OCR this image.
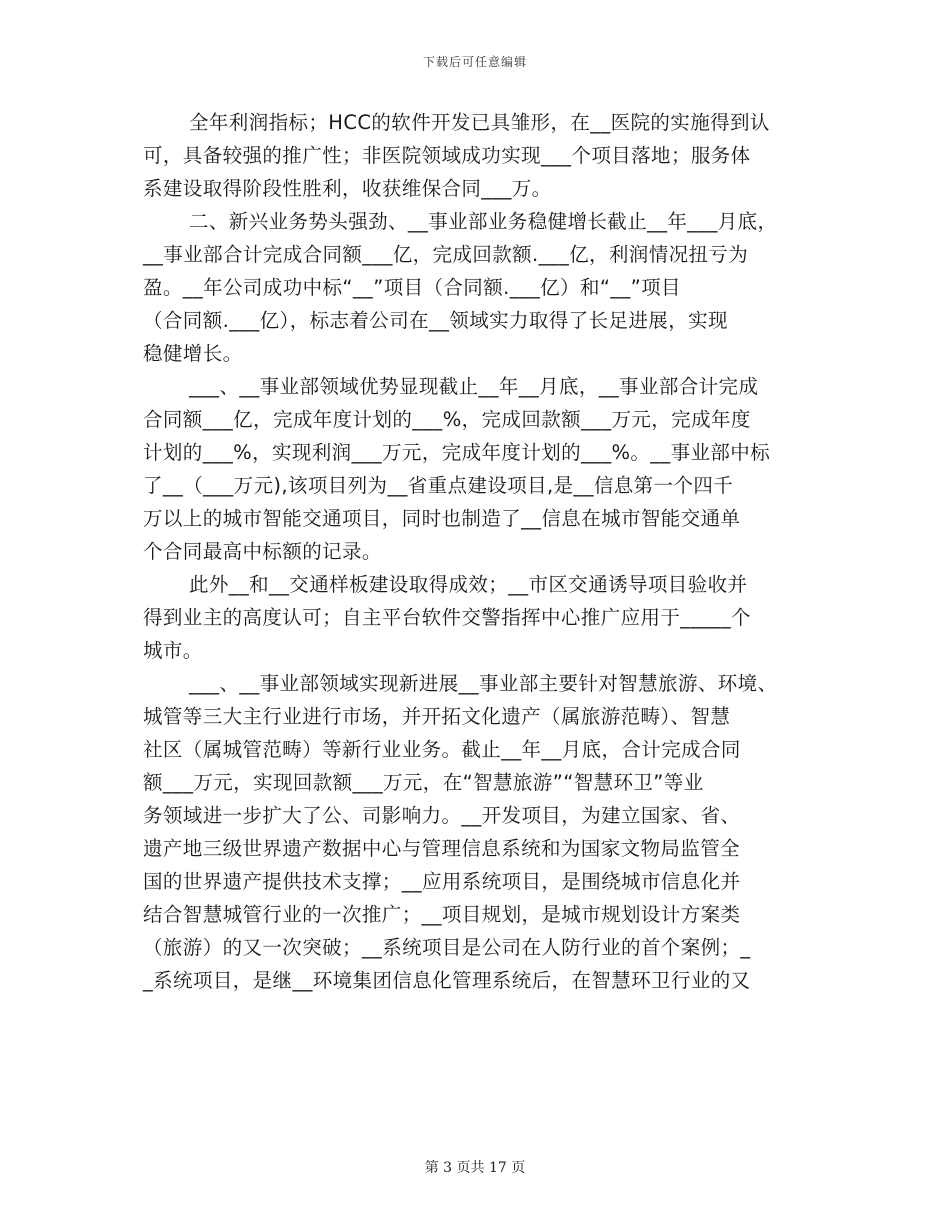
下载后可任意编辑
全年利润指标；HCC的软件开发已具雏形，在__医院的实施得到认
可，具备较强的推广性；非医院领域成功实现___个项目落地；服务体
系建设取得阶段性胜利，收获维保合同___万。
二、新兴业务势头强劲、__事业部业务稳健增长截止__年___月底，
__事业部合计完成合同额___亿，完成回款额.___亿，利润情况扭亏为
盈。__年公司成功中标“__”项目（合同额.___亿）和“__”项目
（合同额.___亿），标志着公司在__领域实力取得了长足进展，实现
稳健增长。
___、__事业部领域优势显现截止__年__月底，__事业部合计完成
合同额___亿，完成年度计划的___%，完成回款额___万元，完成年度
计划的___%，实现利润___万元，完成年度计划的___%。__事业部中标
了__（___万元),该项目列为__省重点建设项目,是__信息第一个四千
万以上的城市智能交通项目，同时也制造了__信息在城市智能交通单
个合同最高中标额的记录。
此外__和__交通样板建设取得成效；__市区交通诱导项目验收并
得到业主的高度认可；自主平台软件交警指挥中心推广应用于_____个
城市。
___、__事业部领域实现新进展__事业部主要针对智慧旅游、环境、
城管等三大主行业进行市场，并开拓文化遗产（属旅游范畴）、智慧
社区（属城管范畴）等新行业业务。截止__年__月底，合计完成合同
额___万元，实现回款额___万元，在“智慧旅游”“智慧环卫”等业
务领域进一步扩大了公、司影响力。__开发项目，为建立国家、省、
遗产地三级世界遗产数据中心与管理信息系统和为国家文物局监管全
国的世界遗产提供技术支撑；__应用系统项目，是围绕城市信息化并
结合智慧城管行业的一次推广；__项目规划，是城市规划设计方案类
（旅游）的又一次突破；__系统项目是公司在人防行业的首个案例；_
_系统项目，是继__环境集团信息化管理系统后，在智慧环卫行业的又
第 3 页共 17 页
